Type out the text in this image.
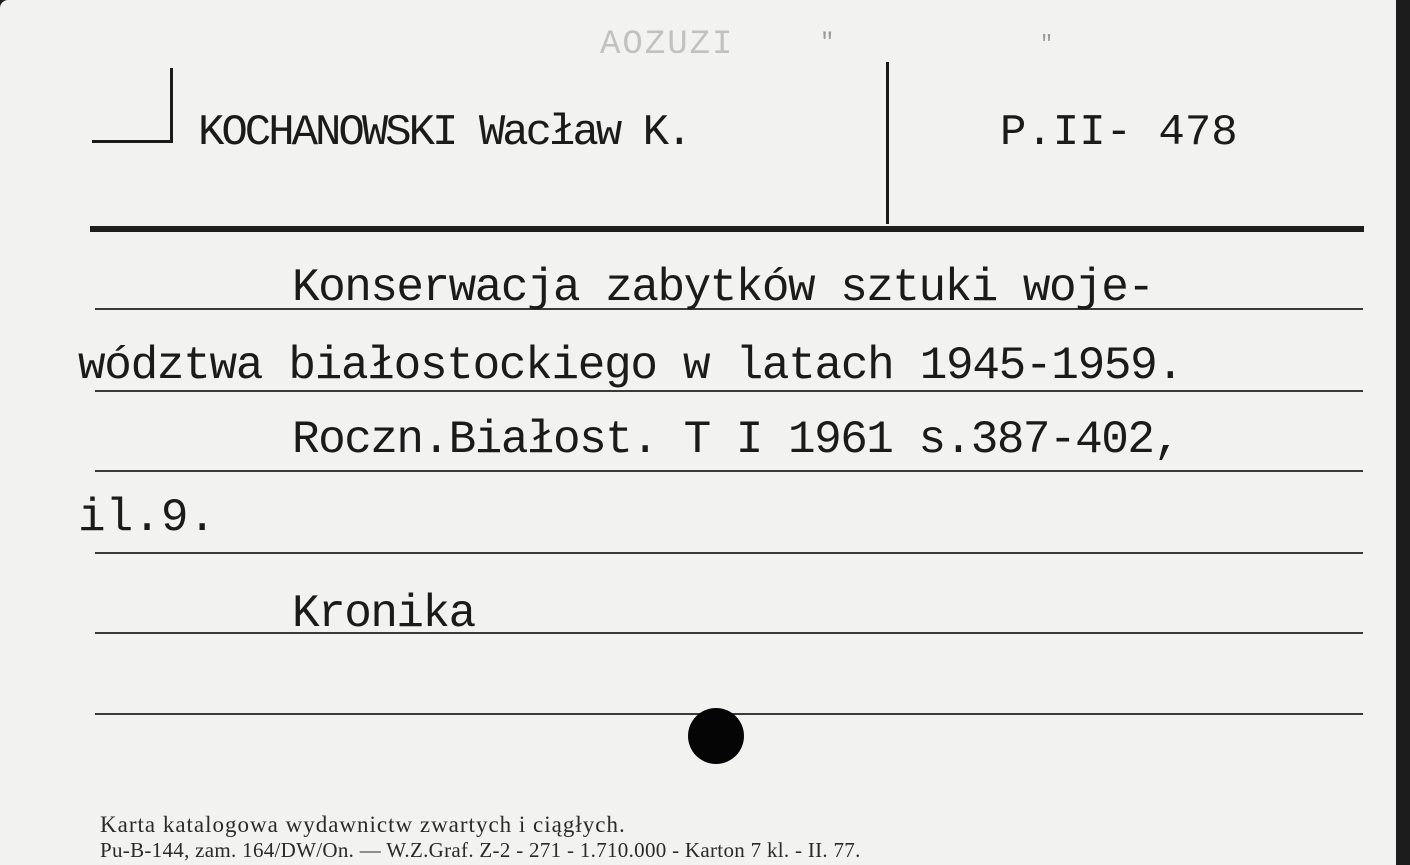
AOZUZI	"	"
KOCHANOWSKI Wacław K.	P.II- 478
Konserwacja zabytków sztuki woje-
wództwa białostockiego w latach 1945-1959.
Roczn.Białost. T I 1961 s.387-402,
il.9.
Kronika
Karta katalogowa wydawnictw zwartych i ciągłych.
Pu-B-144, zam. 164/DW/On. — W.Z.Graf. Z-2 - 271 - 1.710.000 - Karton 7 kl. - II. 77.
